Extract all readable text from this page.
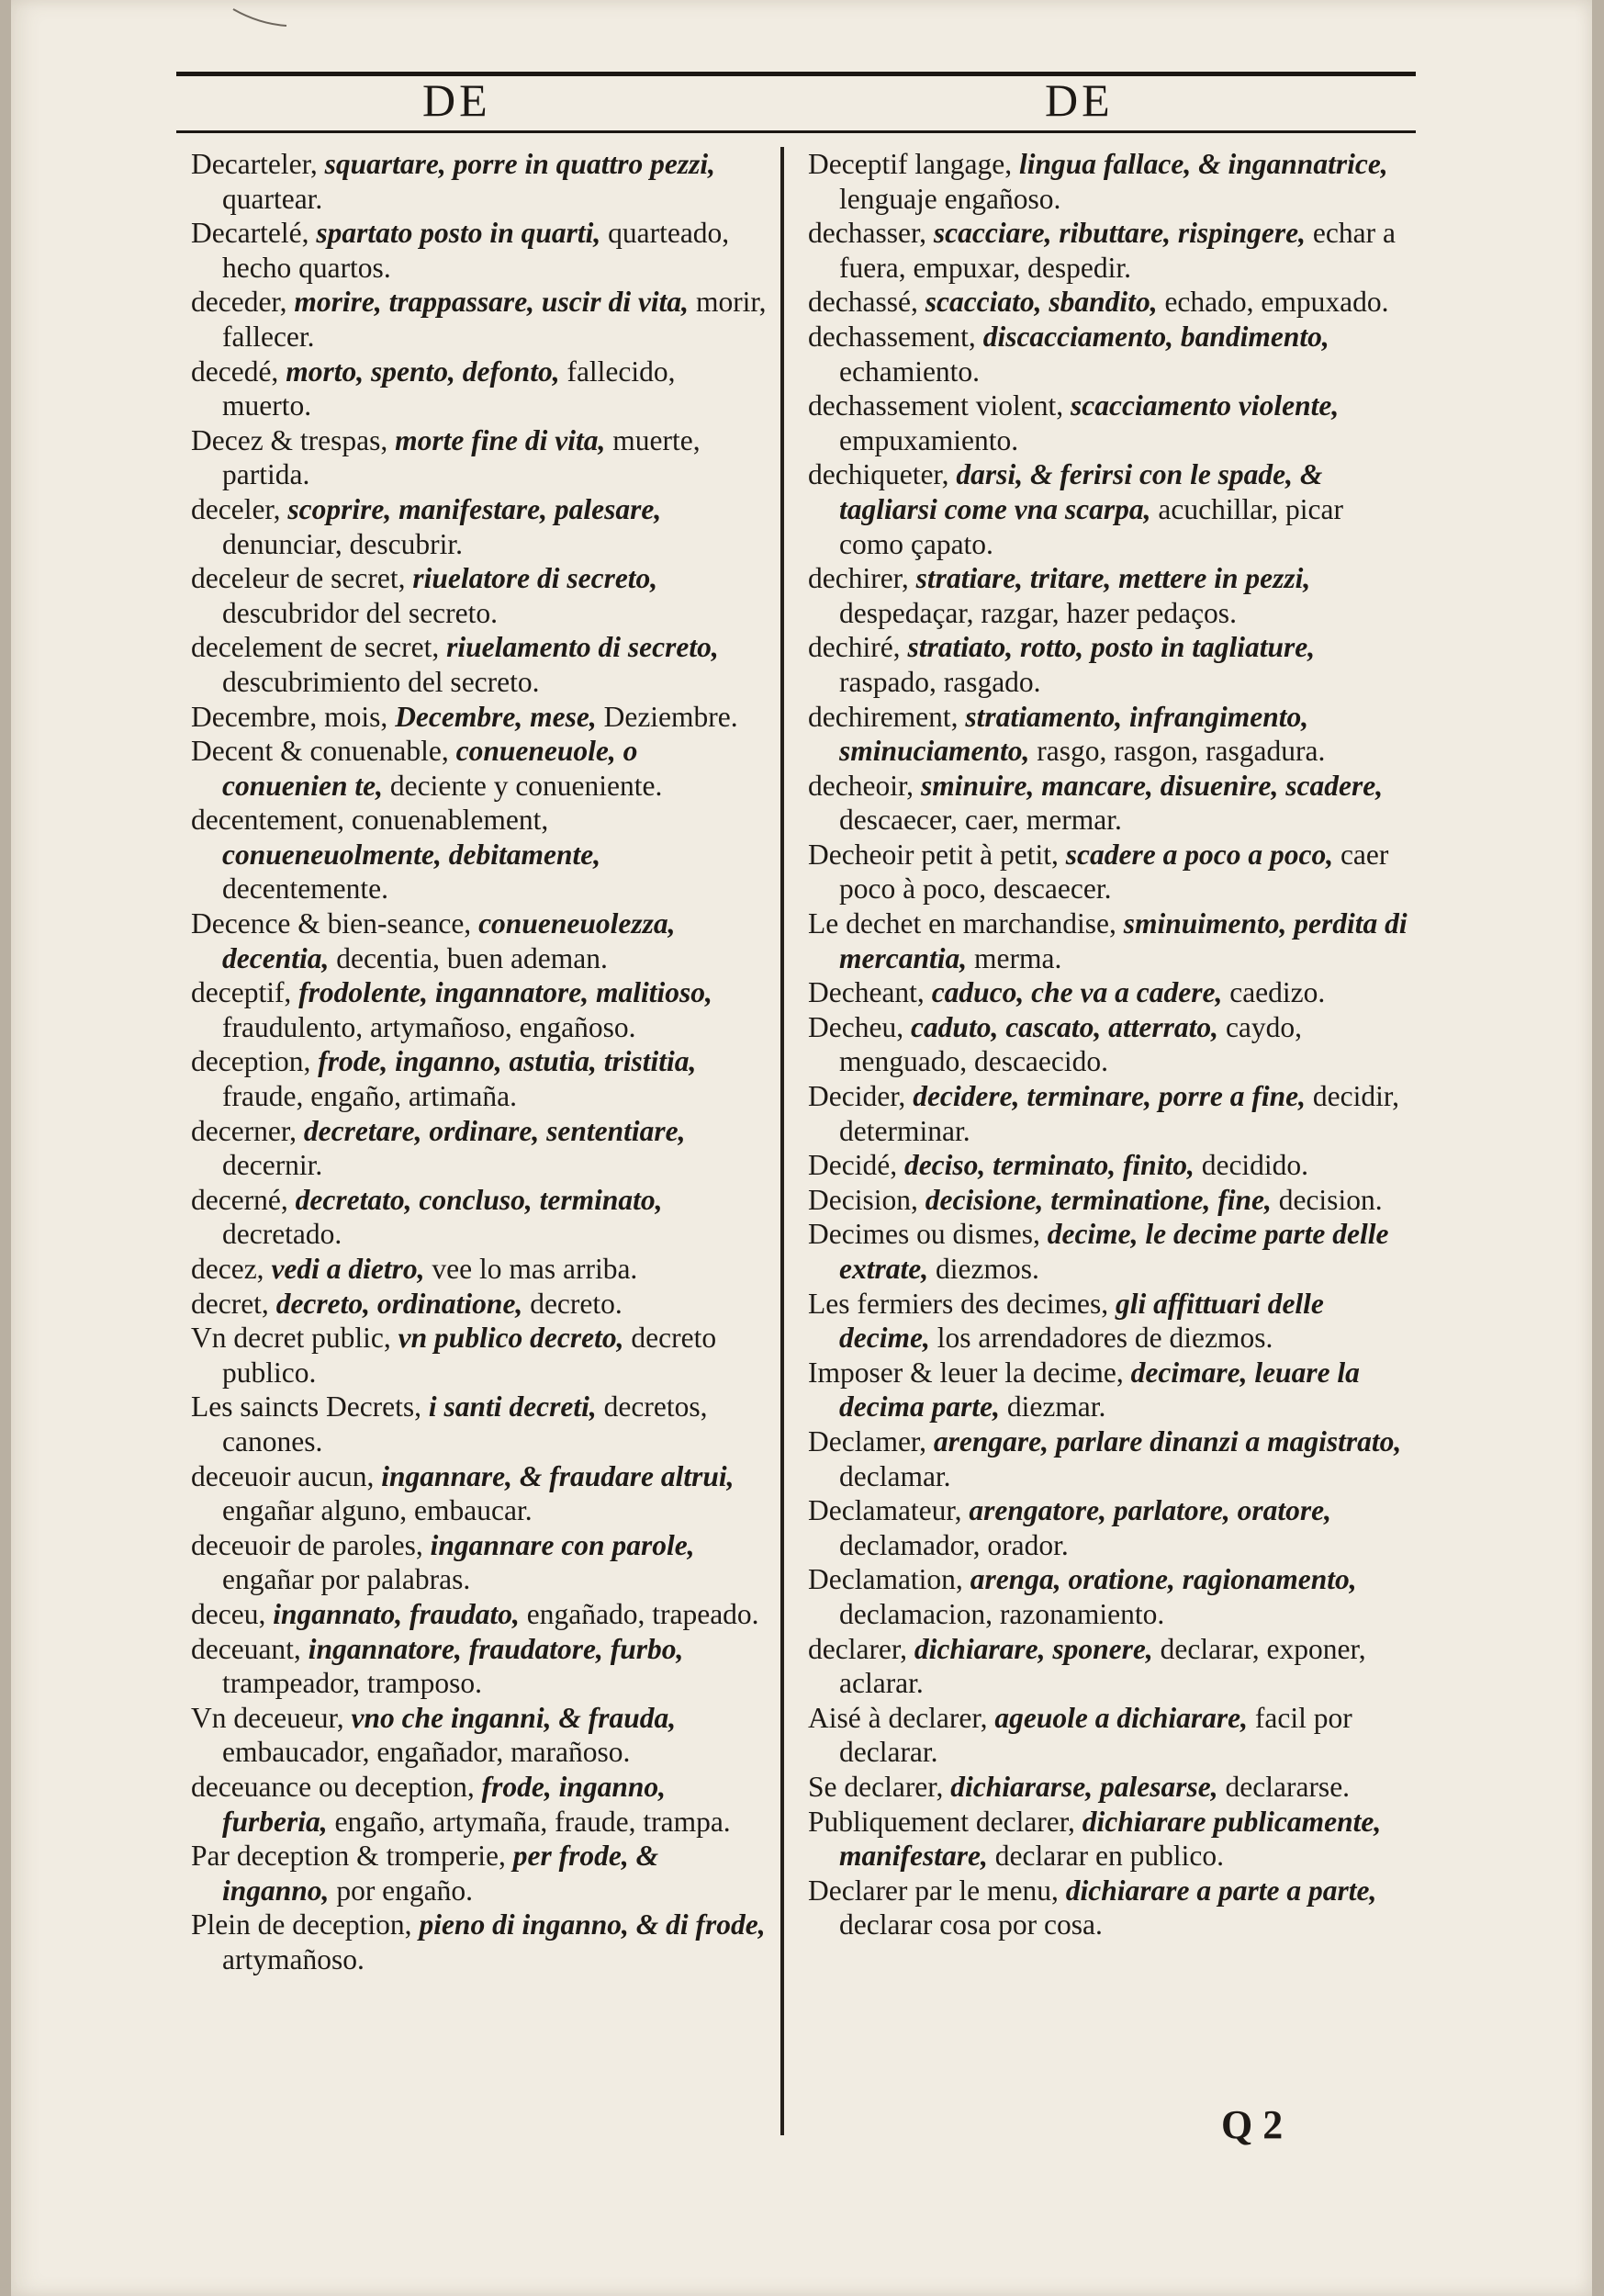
DE	DE

Decarteler, squartare, porre in quattro pezzi, quartear.

Decartelé, spartato posto in quarti, quarteado, hecho quartos.

deceder, morire, trappassare, uscir di vita, morir, fallecer.

decedé, morto, spento, defonto, fallecido, muerto.

Decez & trespas, morte fine di vita, muerte, partida.

deceler, scoprire, manifestare, palesare, denunciar, descubrir.

deceleur de secret, riuelatore di secreto, descubridor del secreto.

decelement de secret, riuelamento di secreto, descubrimiento del secreto.

Decembre, mois, Decembre, mese, Deziembre.

Decent & conuenable, conueneuole, o conuenien te, deciente y conueniente.

decentement, conuenablement, conueneuolmente, debitamente, decentemente.

Decence & bien-seance, conueneuolezza, decentia, decentia, buen ademan.

deceptif, frodolente, ingannatore, malitioso, fraudulento, artymañoso, engañoso.

deception, frode, inganno, astutia, tristitia, fraude, engaño, artimaña.

decerner, decretare, ordinare, sententiare, decernir.

decerné, decretato, concluso, terminato, decretado.

decez, vedi a dietro, vee lo mas arriba.

decret, decreto, ordinatione, decreto.

Vn decret public, vn publico decreto, decreto publico.

Les saincts Decrets, i santi decreti, decretos, canones.

deceuoir aucun, ingannare, & fraudare altrui, engañar alguno, embaucar.

deceuoir de paroles, ingannare con parole, engañar por palabras.

deceu, ingannato, fraudato, engañado, trapeado.

deceuant, ingannatore, fraudatore, furbo, trampeador, tramposo.

Vn deceueur, vno che inganni, & frauda, embaucador, engañador, marañoso.

deceuance ou deception, frode, inganno, furberia, engaño, artymaña, fraude, trampa.

Par deception & tromperie, per frode, & inganno, por engaño.

Plein de deception, pieno di inganno, & di frode, artymañoso.

Deceptif langage, lingua fallace, & ingannatrice, lenguaje engañoso.

dechasser, scacciare, ributtare, rispingere, echar a fuera, empuxar, despedir.

dechassé, scacciato, sbandito, echado, empuxado.

dechassement, discacciamento, bandimento, echamiento.

dechassement violent, scacciamento violente, empuxamiento.

dechiqueter, darsi, & ferirsi con le spade, & tagliarsi come vna scarpa, acuchillar, picar como çapato.

dechirer, stratiare, tritare, mettere in pezzi, despedaçar, razgar, hazer pedaços.

dechiré, stratiato, rotto, posto in tagliature, raspado, rasgado.

dechirement, stratiamento, infrangimento, sminuciamento, rasgo, rasgon, rasgadura.

decheoir, sminuire, mancare, disuenire, scadere, descaecer, caer, mermar.

Decheoir petit à petit, scadere a poco a poco, caer poco à poco, descaecer.

Le dechet en marchandise, sminuimento, perdita di mercantia, merma.

Decheant, caduco, che va a cadere, caedizo.

Decheu, caduto, cascato, atterrato, caydo, menguado, descaecido.

Decider, decidere, terminare, porre a fine, decidir, determinar.

Decidé, deciso, terminato, finito, decidido.

Decision, decisione, terminatione, fine, decision.

Decimes ou dismes, decime, le decime parte delle extrate, diezmos.

Les fermiers des decimes, gli affittuari delle decime, los arrendadores de diezmos.

Imposer & leuer la decime, decimare, leuare la decima parte, diezmar.

Declamer, arengare, parlare dinanzi a magistrato, declamar.

Declamateur, arengatore, parlatore, oratore, declamador, orador.

Declamation, arenga, oratione, ragionamento, declamacion, razonamiento.

declarer, dichiarare, sponere, declarar, exponer, aclarar.

Aisé à declarer, ageuole a dichiarare, facil por declarar.

Se declarer, dichiararse, palesarse, declararse.

Publiquement declarer, dichiarare publicamente, manifestare, declarar en publico.

Declarer par le menu, dichiarare a parte a parte, declarar cosa por cosa.

Q 2
